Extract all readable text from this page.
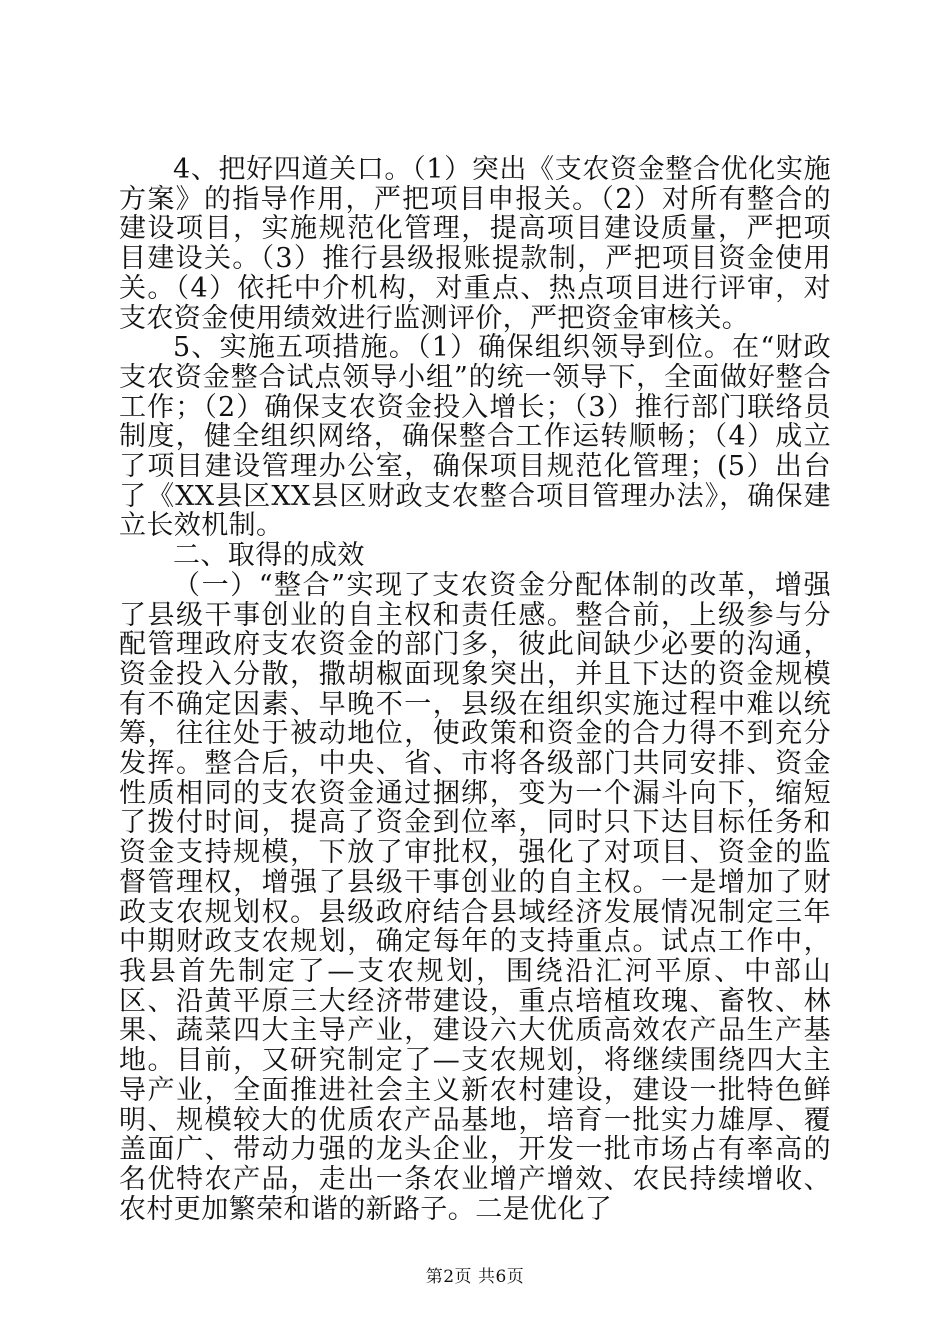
4、把好四道关口。（1）突出《支农资金整合优化实施方案》的指导作用，严把项目申报关。（2）对所有整合的建设项目，实施规范化管理，提高项目建设质量，严把项目建设关。（3）推行县级报账提款制，严把项目资金使用关。（4）依托中介机构，对重点、热点项目进行评审，对支农资金使用绩效进行监测评价，严把资金审核关。

5、实施五项措施。（1）确保组织领导到位。在“财政支农资金整合试点领导小组”的统一领导下，全面做好整合工作；（2）确保支农资金投入增长；（3）推行部门联络员制度，健全组织网络，确保整合工作运转顺畅；（4）成立了项目建设管理办公室，确保项目规范化管理；(5）出台了《XX县区XX县区财政支农整合项目管理办法》，确保建立长效机制。

二、取得的成效

（一）“整合”实现了支农资金分配体制的改革，增强了县级干事创业的自主权和责任感。整合前，上级参与分配管理政府支农资金的部门多，彼此间缺少必要的沟通，资金投入分散，撒胡椒面现象突出，并且下达的资金规模有不确定因素、早晚不一，县级在组织实施过程中难以统筹，往往处于被动地位，使政策和资金的合力得不到充分发挥。整合后，中央、省、市将各级部门共同安排、资金性质相同的支农资金通过捆绑，变为一个漏斗向下，缩短了拨付时间，提高了资金到位率，同时只下达目标任务和资金支持规模，下放了审批权，强化了对项目、资金的监督管理权，增强了县级干事创业的自主权。一是增加了财政支农规划权。县级政府结合县域经济发展情况制定三年中期财政支农规划，确定每年的支持重点。试点工作中，我县首先制定了—支农规划，围绕沿汇河平原、中部山区、沿黄平原三大经济带建设，重点培植玫瑰、畜牧、林果、蔬菜四大主导产业，建设六大优质高效农产品生产基地。目前，又研究制定了—支农规划，将继续围绕四大主导产业，全面推进社会主义新农村建设，建设一批特色鲜明、规模较大的优质农产品基地，培育一批实力雄厚、覆盖面广、带动力强的龙头企业，开发一批市场占有率高的名优特农产品，走出一条农业增产增效、农民持续增收、农村更加繁荣和谐的新路子。二是优化了

第2页 共6页
